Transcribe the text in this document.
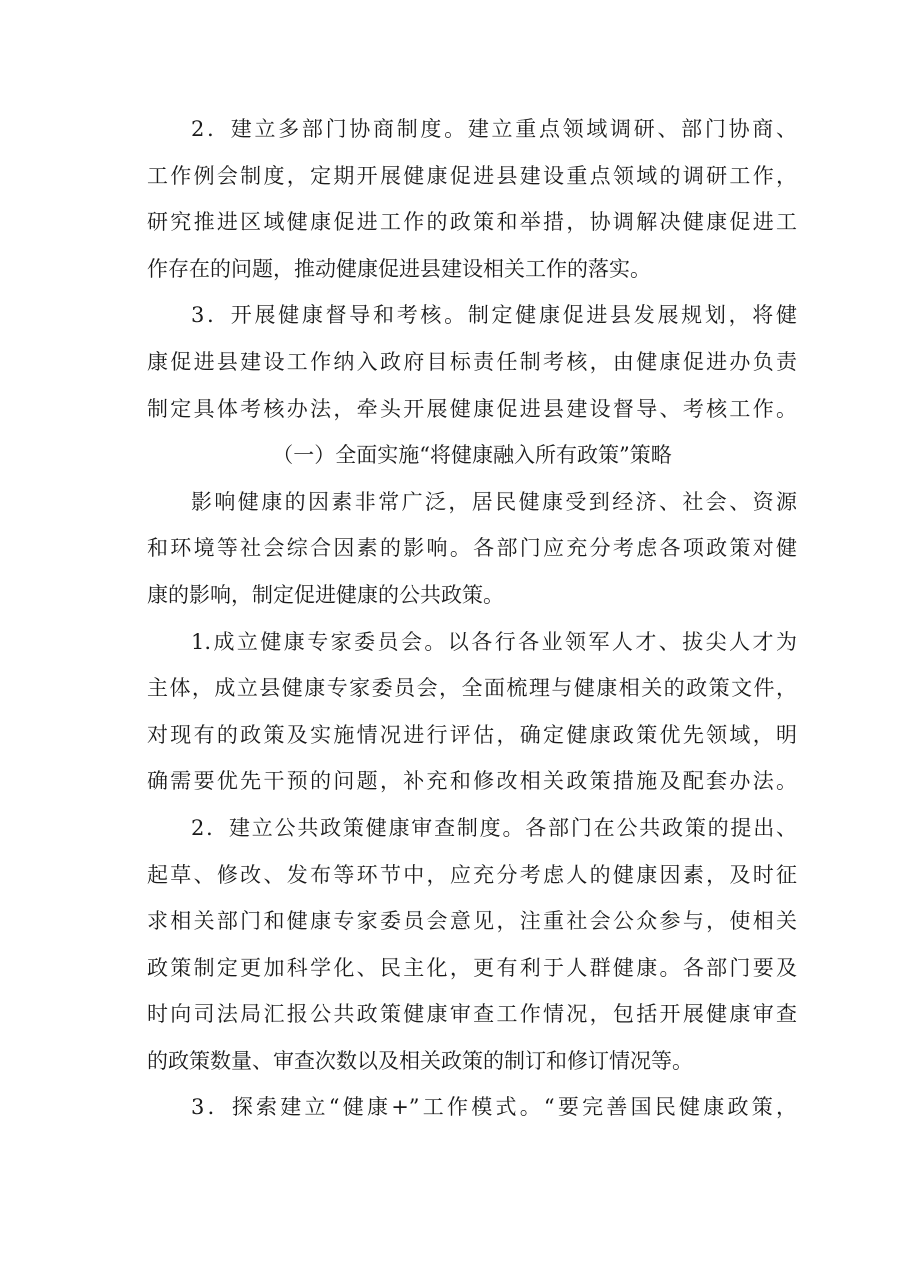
2．建立多部门协商制度。建立重点领域调研、部门协商、
工作例会制度，定期开展健康促进县建设重点领域的调研工作，
研究推进区域健康促进工作的政策和举措，协调解决健康促进工
作存在的问题，推动健康促进县建设相关工作的落实。
3．开展健康督导和考核。制定健康促进县发展规划，将健
康促进县建设工作纳入政府目标责任制考核，由健康促进办负责
制定具体考核办法，牵头开展健康促进县建设督导、考核工作。
（一）全面实施“将健康融入所有政策”策略
影响健康的因素非常广泛，居民健康受到经济、社会、资源
和环境等社会综合因素的影响。各部门应充分考虑各项政策对健
康的影响，制定促进健康的公共政策。
1.成立健康专家委员会。以各行各业领军人才、拔尖人才为
主体，成立县健康专家委员会，全面梳理与健康相关的政策文件，
对现有的政策及实施情况进行评估，确定健康政策优先领域，明
确需要优先干预的问题，补充和修改相关政策措施及配套办法。
2．建立公共政策健康审查制度。各部门在公共政策的提出、
起草、修改、发布等环节中，应充分考虑人的健康因素，及时征
求相关部门和健康专家委员会意见，注重社会公众参与，使相关
政策制定更加科学化、民主化，更有利于人群健康。各部门要及
时向司法局汇报公共政策健康审查工作情况，包括开展健康审查
的政策数量、审查次数以及相关政策的制订和修订情况等。
3．探索建立“健康+”工作模式。“要完善国民健康政策，
